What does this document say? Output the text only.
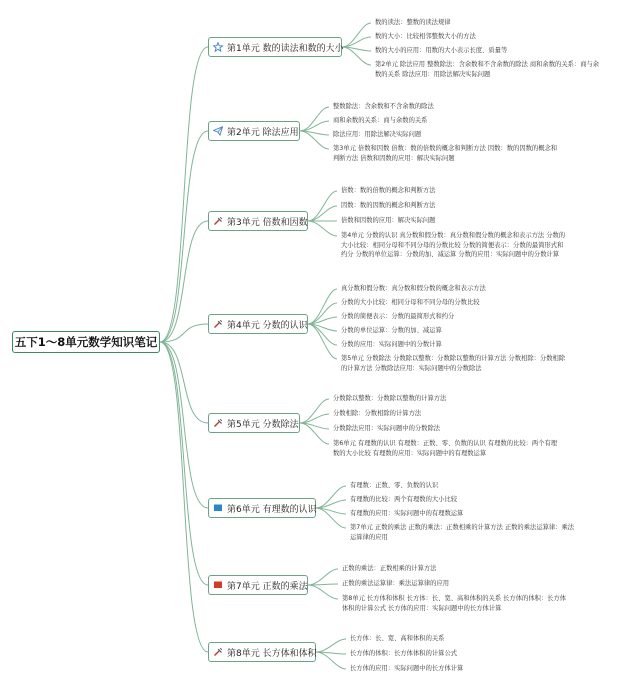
五下1～8单元数学知识笔记
第1单元 数的读法和数的大小
数的读法：整数的读法规律
数的大小：比较相邻整数大小的方法
数的大小的应用：用数的大小表示长度、质量等
第2单元 除法应用 整数除法：含余数和不含余数的除法 商和余数的关系：商与余
数的关系 除法应用：用除法解决实际问题
第2单元 除法应用
整数除法：含余数和不含余数的除法
商和余数的关系：商与余数的关系
除法应用：用除法解决实际问题
第3单元 倍数和因数 倍数：数的倍数的概念和判断方法 因数：数的因数的概念和
判断方法 倍数和因数的应用：解决实际问题
第3单元 倍数和因数
倍数：数的倍数的概念和判断方法
因数：数的因数的概念和判断方法
倍数和因数的应用：解决实际问题
第4单元 分数的认识 真分数和假分数：真分数和假分数的概念和表示方法 分数的
大小比较：相同分母和不同分母的分数比较 分数的简便表示：分数的最简形式和
约分 分数的单位运算：分数的加、减运算 分数的应用：实际问题中的分数计算
第4单元 分数的认识
真分数和假分数：真分数和假分数的概念和表示方法
分数的大小比较：相同分母和不同分母的分数比较
分数的简便表示：分数的最简形式和约分
分数的单位运算：分数的加、减运算
分数的应用：实际问题中的分数计算
第5单元 分数除法 分数除以整数：分数除以整数的计算方法 分数相除：分数相除
的计算方法 分数除法应用：实际问题中的分数除法
第5单元 分数除法
分数除以整数：分数除以整数的计算方法
分数相除：分数相除的计算方法
分数除法应用：实际问题中的分数除法
第6单元 有理数的认识 有理数：正数、零、负数的认识 有理数的比较：两个有理
数的大小比较 有理数的应用：实际问题中的有理数运算
第6单元 有理数的认识
有理数：正数、零、负数的认识
有理数的比较：两个有理数的大小比较
有理数的应用：实际问题中的有理数运算
第7单元 正数的乘法 正数的乘法：正数相乘的计算方法 正数的乘法运算律：乘法
运算律的应用
第7单元 正数的乘法
正数的乘法：正数相乘的计算方法
正数的乘法运算律：乘法运算律的应用
第8单元 长方体和体积 长方体：长、宽、高和体积的关系 长方体的体积：长方体
体积的计算公式 长方体的应用：实际问题中的长方体计算
第8单元 长方体和体积
长方体：长、宽、高和体积的关系
长方体的体积：长方体体积的计算公式
长方体的应用：实际问题中的长方体计算
